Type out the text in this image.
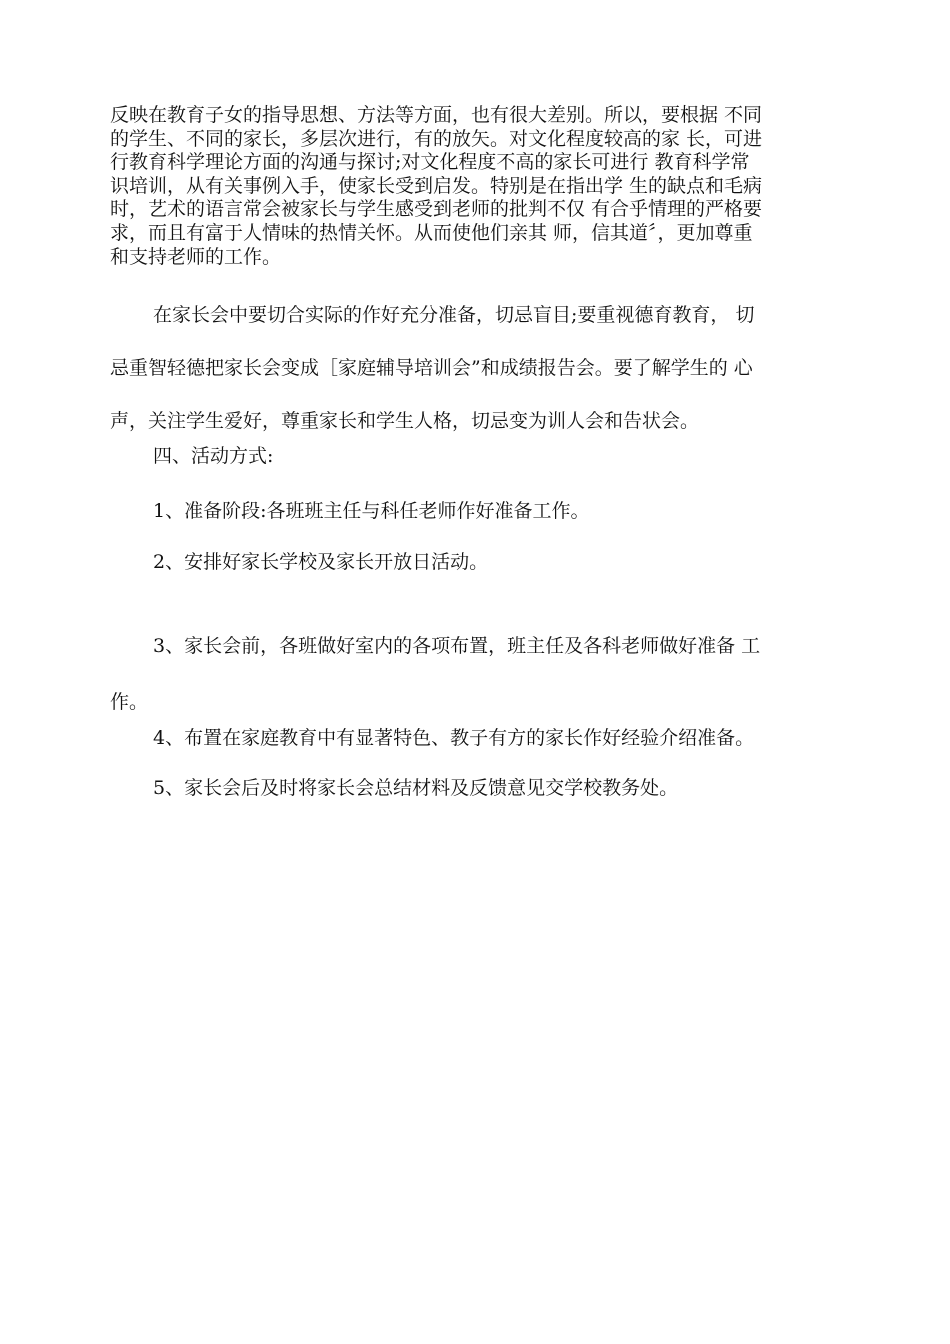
反映在教育子女的指导思想、方法等方面，也有很大差别。所以，要根据 不同
的学生、不同的家长，多层次进行，有的放矢。对文化程度较高的家 长，可进
行教育科学理论方面的沟通与探讨;对文化程度不高的家长可进行 教育科学常
识培训，从有关事例入手，使家长受到启发。特别是在指出学 生的缺点和毛病
时，艺术的语言常会被家长与学生感受到老师的批判不仅 有合乎情理的严格要
求，而且有富于人情味的热情关怀。从而使他们亲其 师，信其道〞，更加尊重
和支持老师的工作。
在家长会中要切合实际的作好充分准备，切忌盲目;要重视德育教育， 切
忌重智轻德把家长会变成［家庭辅导培训会”和成绩报告会。要了解学生的 心
声，关注学生爱好，尊重家长和学生人格，切忌变为训人会和告状会。

四、活动方式:

1、准备阶段:各班班主任与科任老师作好准备工作。

2、安排好家长学校及家长开放日活动。

3、家长会前，各班做好室内的各项布置，班主任及各科老师做好准备 工
作。

4、布置在家庭教育中有显著特色、教子有方的家长作好经验介绍准备。

5、家长会后及时将家长会总结材料及反馈意见交学校教务处。
